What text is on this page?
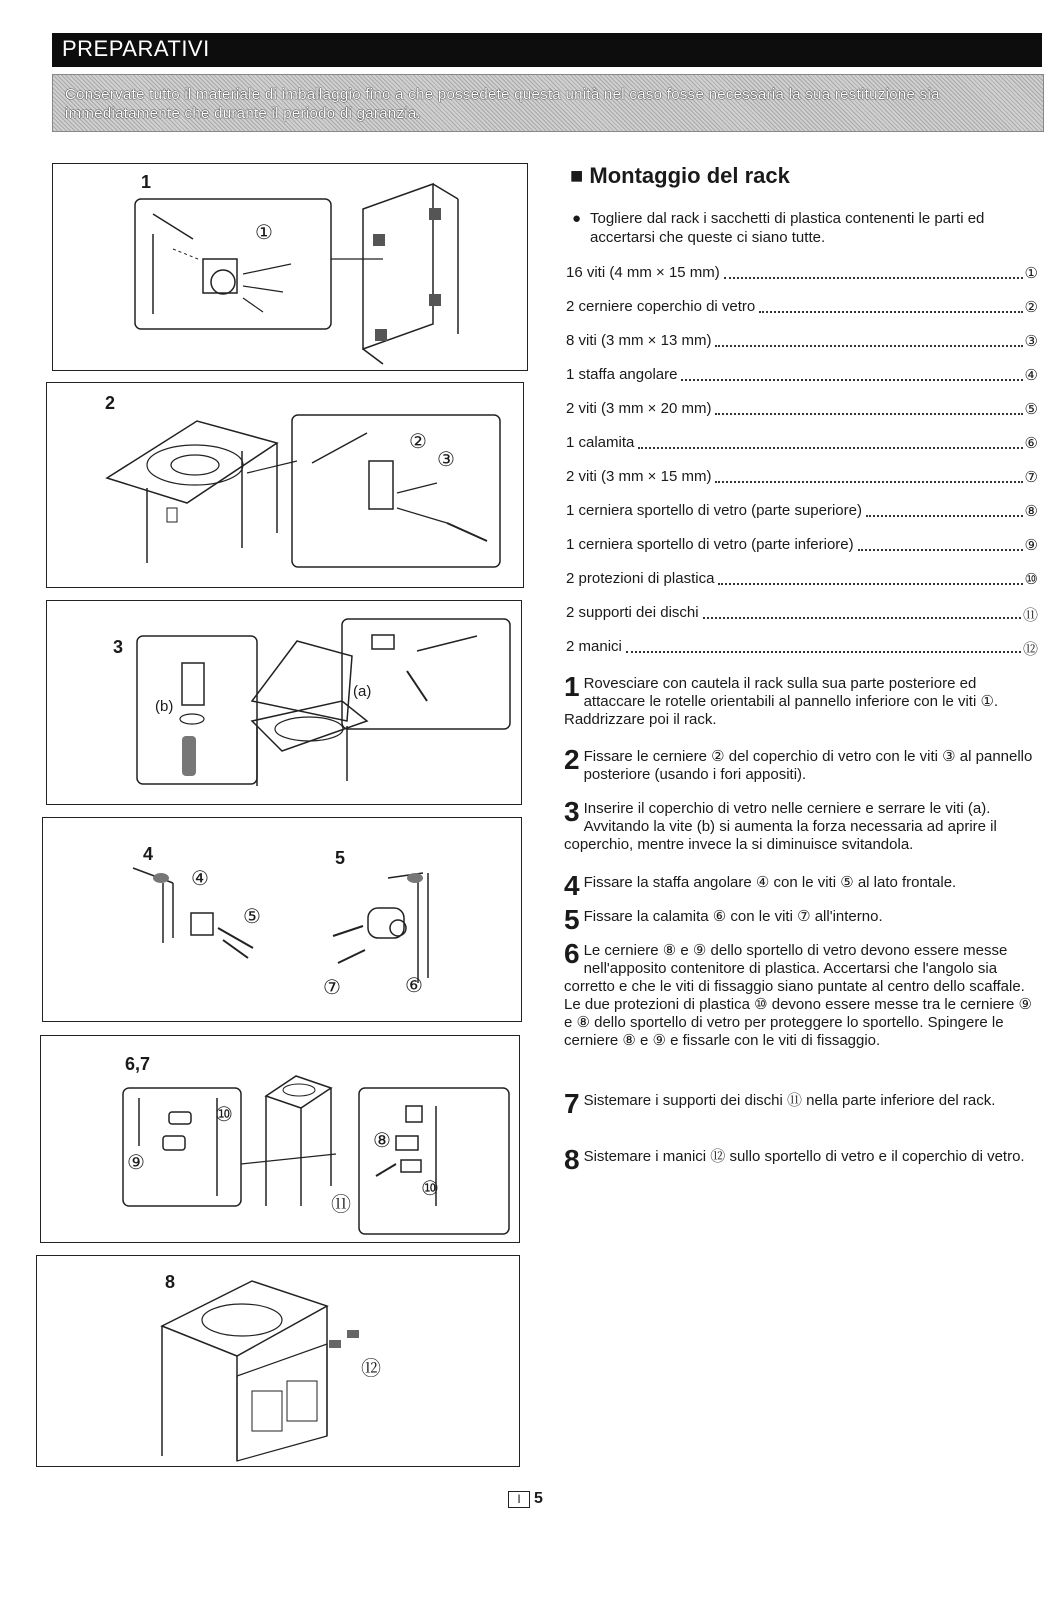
PREPARATIVI
Conservate tutto il materiale di imballaggio fino a che possedete questa unità nel caso fosse necessaria la sua restituzione sia immediatamente che durante il periodo di garanzia.
1
①
2
②
③
3
(b)
(a)
4	5
④
⑤
⑦	⑥
6,7
⑩
⑨
⑪
⑧
⑩
8
⑫
■ Montaggio del rack
● Togliere dal rack i sacchetti di plastica contenenti le parti ed accertarsi che queste ci siano tutte.
16 viti (4 mm × 15 mm)	①
2 cerniere coperchio di vetro	②
8 viti (3 mm × 13 mm)	③
1 staffa angolare	④
2 viti (3 mm × 20 mm)	⑤
1 calamita	⑥
2 viti (3 mm × 15 mm)	⑦
1 cerniera sportello di vetro (parte superiore)	⑧
1 cerniera sportello di vetro (parte inferiore)	⑨
2 protezioni di plastica	⑩
2 supporti dei dischi	⑪
2 manici	⑫
1 Rovesciare con cautela il rack sulla sua parte posteriore ed attaccare le rotelle orientabili al pannello inferiore con le viti ①. Raddrizzare poi il rack.
2 Fissare le cerniere ② del coperchio di vetro con le viti ③ al pannello posteriore (usando i fori appositi).
3 Inserire il coperchio di vetro nelle cerniere e serrare le viti (a). Avvitando la vite (b) si aumenta la forza necessaria ad aprire il coperchio, mentre invece la si diminuisce svitandola.
4 Fissare la staffa angolare ④ con le viti ⑤ al lato frontale.
5 Fissare la calamita ⑥ con le viti ⑦ all'interno.
6 Le cerniere ⑧ e ⑨ dello sportello di vetro devono essere messe nell'apposito contenitore di plastica. Accertarsi che l'angolo sia corretto e che le viti di fissaggio siano puntate al centro dello scaffale. Le due protezioni di plastica ⑩ devono essere messe tra le cerniere ⑨ e ⑧ dello sportello di vetro per proteggere lo sportello. Spingere le cerniere ⑧ e ⑨ e fissarle con le viti di fissaggio.
7 Sistemare i supporti dei dischi ⑪ nella parte inferiore del rack.
8 Sistemare i manici ⑫ sullo sportello di vetro e il coperchio di vetro.
I 5
